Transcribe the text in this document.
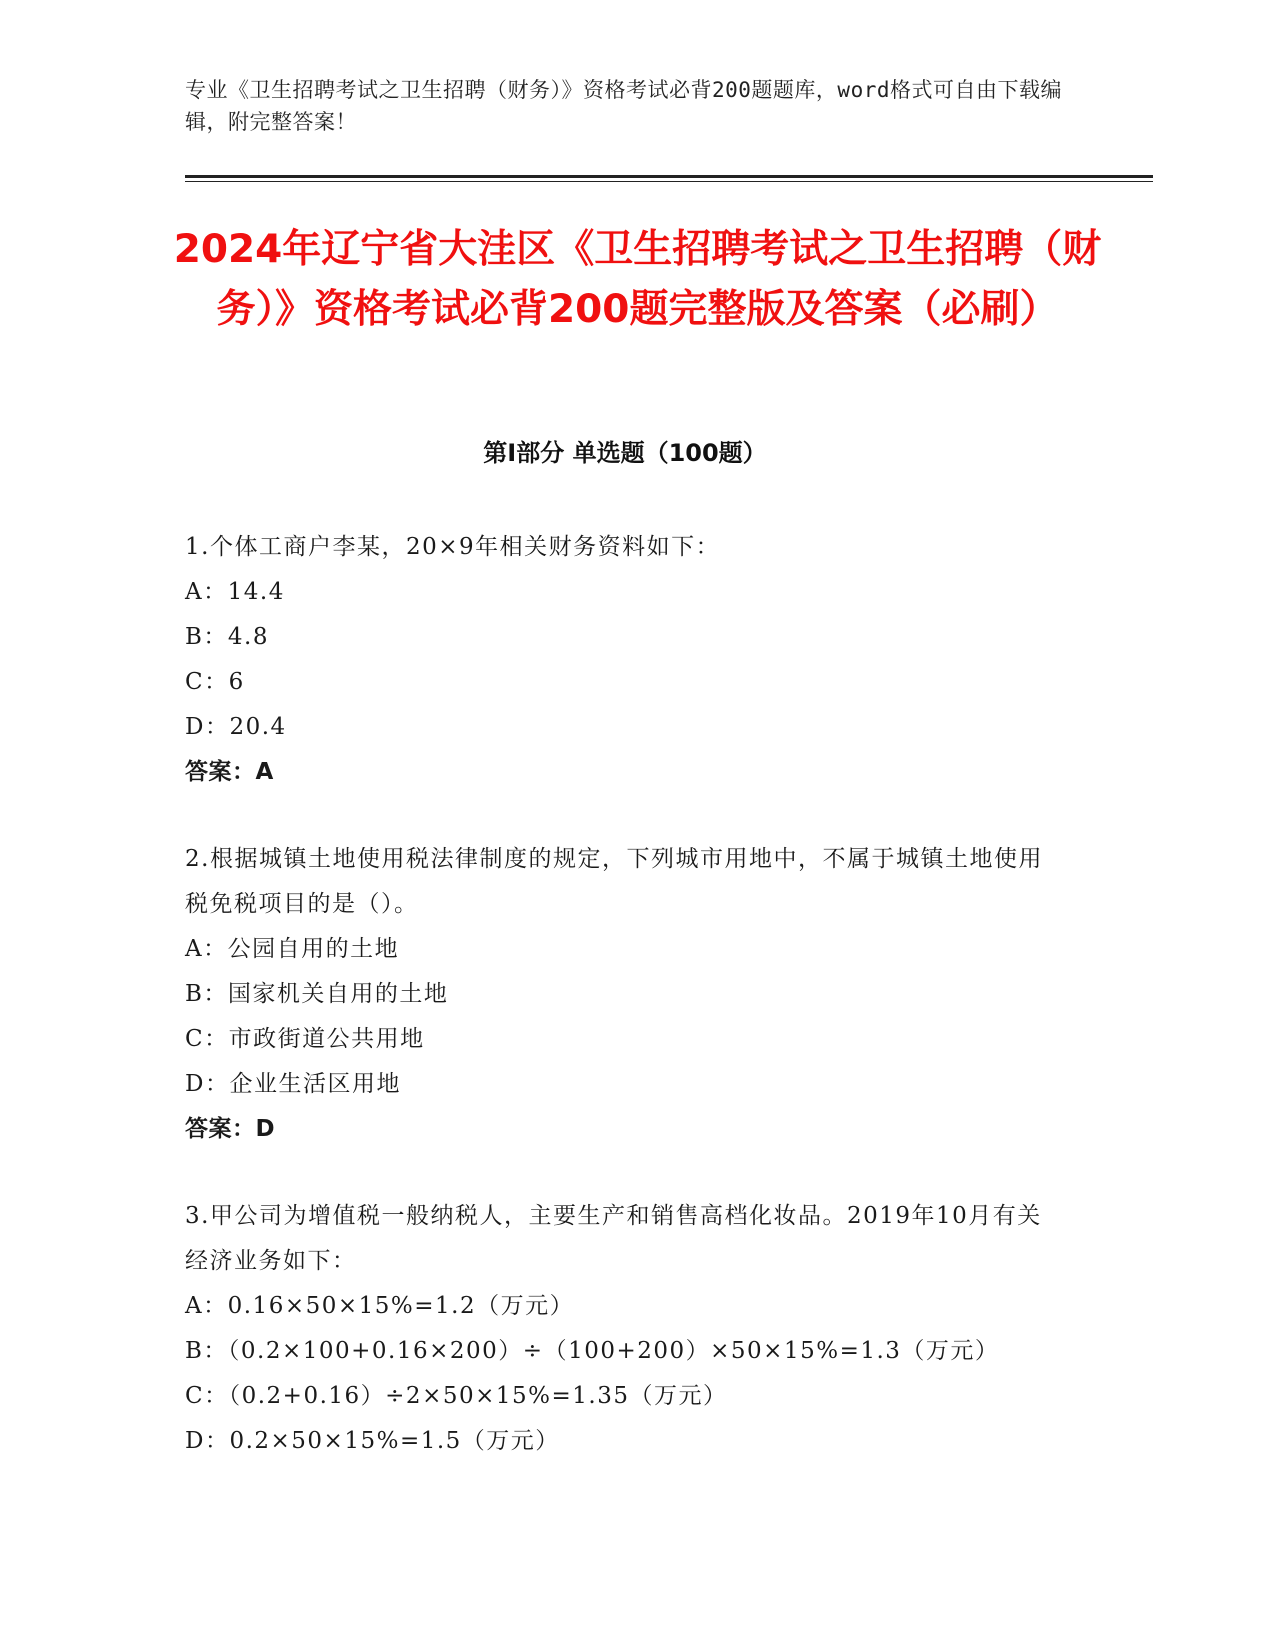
专业《卫生招聘考试之卫生招聘（财务）》资格考试必背200题题库，word格式可自由下载编辑，附完整答案！
2024年辽宁省大洼区《卫生招聘考试之卫生招聘（财务）》资格考试必背200题完整版及答案（必刷）
第Ⅰ部分 单选题（100题）

1.个体工商户李某，20×9年相关财务资料如下：

A：14.4

B：4.8

C：6

D：20.4

答案：A

2.根据城镇土地使用税法律制度的规定，下列城市用地中，不属于城镇土地使用税免税项目的是（）。

A：公园自用的土地

B：国家机关自用的土地

C：市政街道公共用地

D：企业生活区用地

答案：D

3.甲公司为增值税一般纳税人，主要生产和销售高档化妆品。2019年10月有关经济业务如下：

A：0.16×50×15%=1.2（万元）

B：（0.2×100+0.16×200）÷（100+200）×50×15%=1.3（万元）

C：（0.2+0.16）÷2×50×15%=1.35（万元）

D：0.2×50×15%=1.5（万元）
